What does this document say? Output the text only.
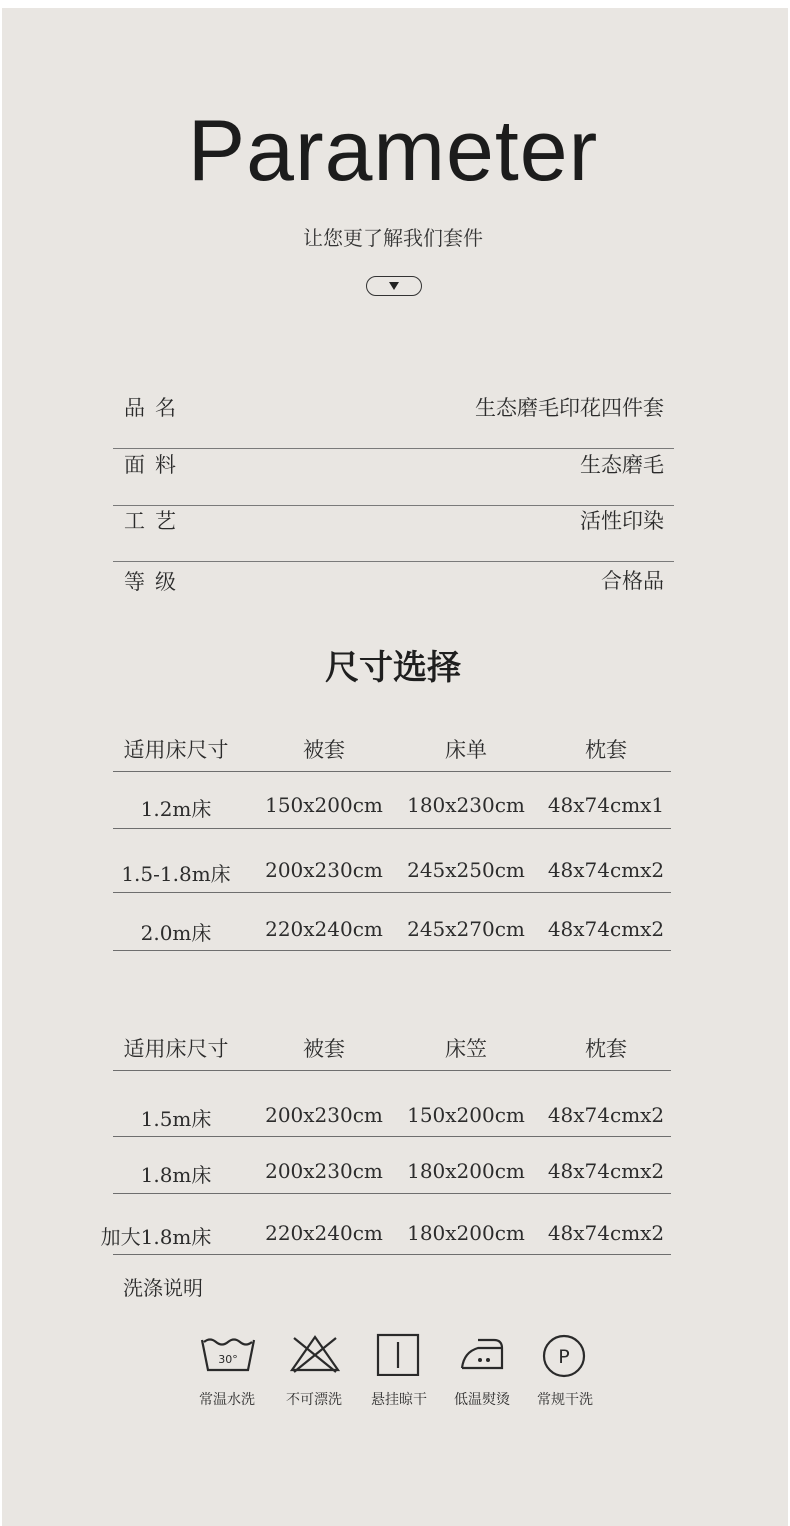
Parameter
让您更了解我们套件
品名	生态磨毛印花四件套
面料	生态磨毛
工艺	活性印染
等级	合格品
尺寸选择
适用床尺寸	被套	床单	枕套
1.2m床	150x200cm	180x230cm	48x74cmx1
1.5-1.8m床	200x230cm	245x250cm	48x74cmx2
2.0m床	220x240cm	245x270cm	48x74cmx2
适用床尺寸	被套	床笠	枕套
1.5m床	200x230cm	150x200cm	48x74cmx2
1.8m床	200x230cm	180x200cm	48x74cmx2
加大1.8m床	220x240cm	180x200cm	48x74cmx2
洗涤说明
30°	P
常温水洗	不可漂洗	悬挂晾干	低温熨烫	常规干洗
